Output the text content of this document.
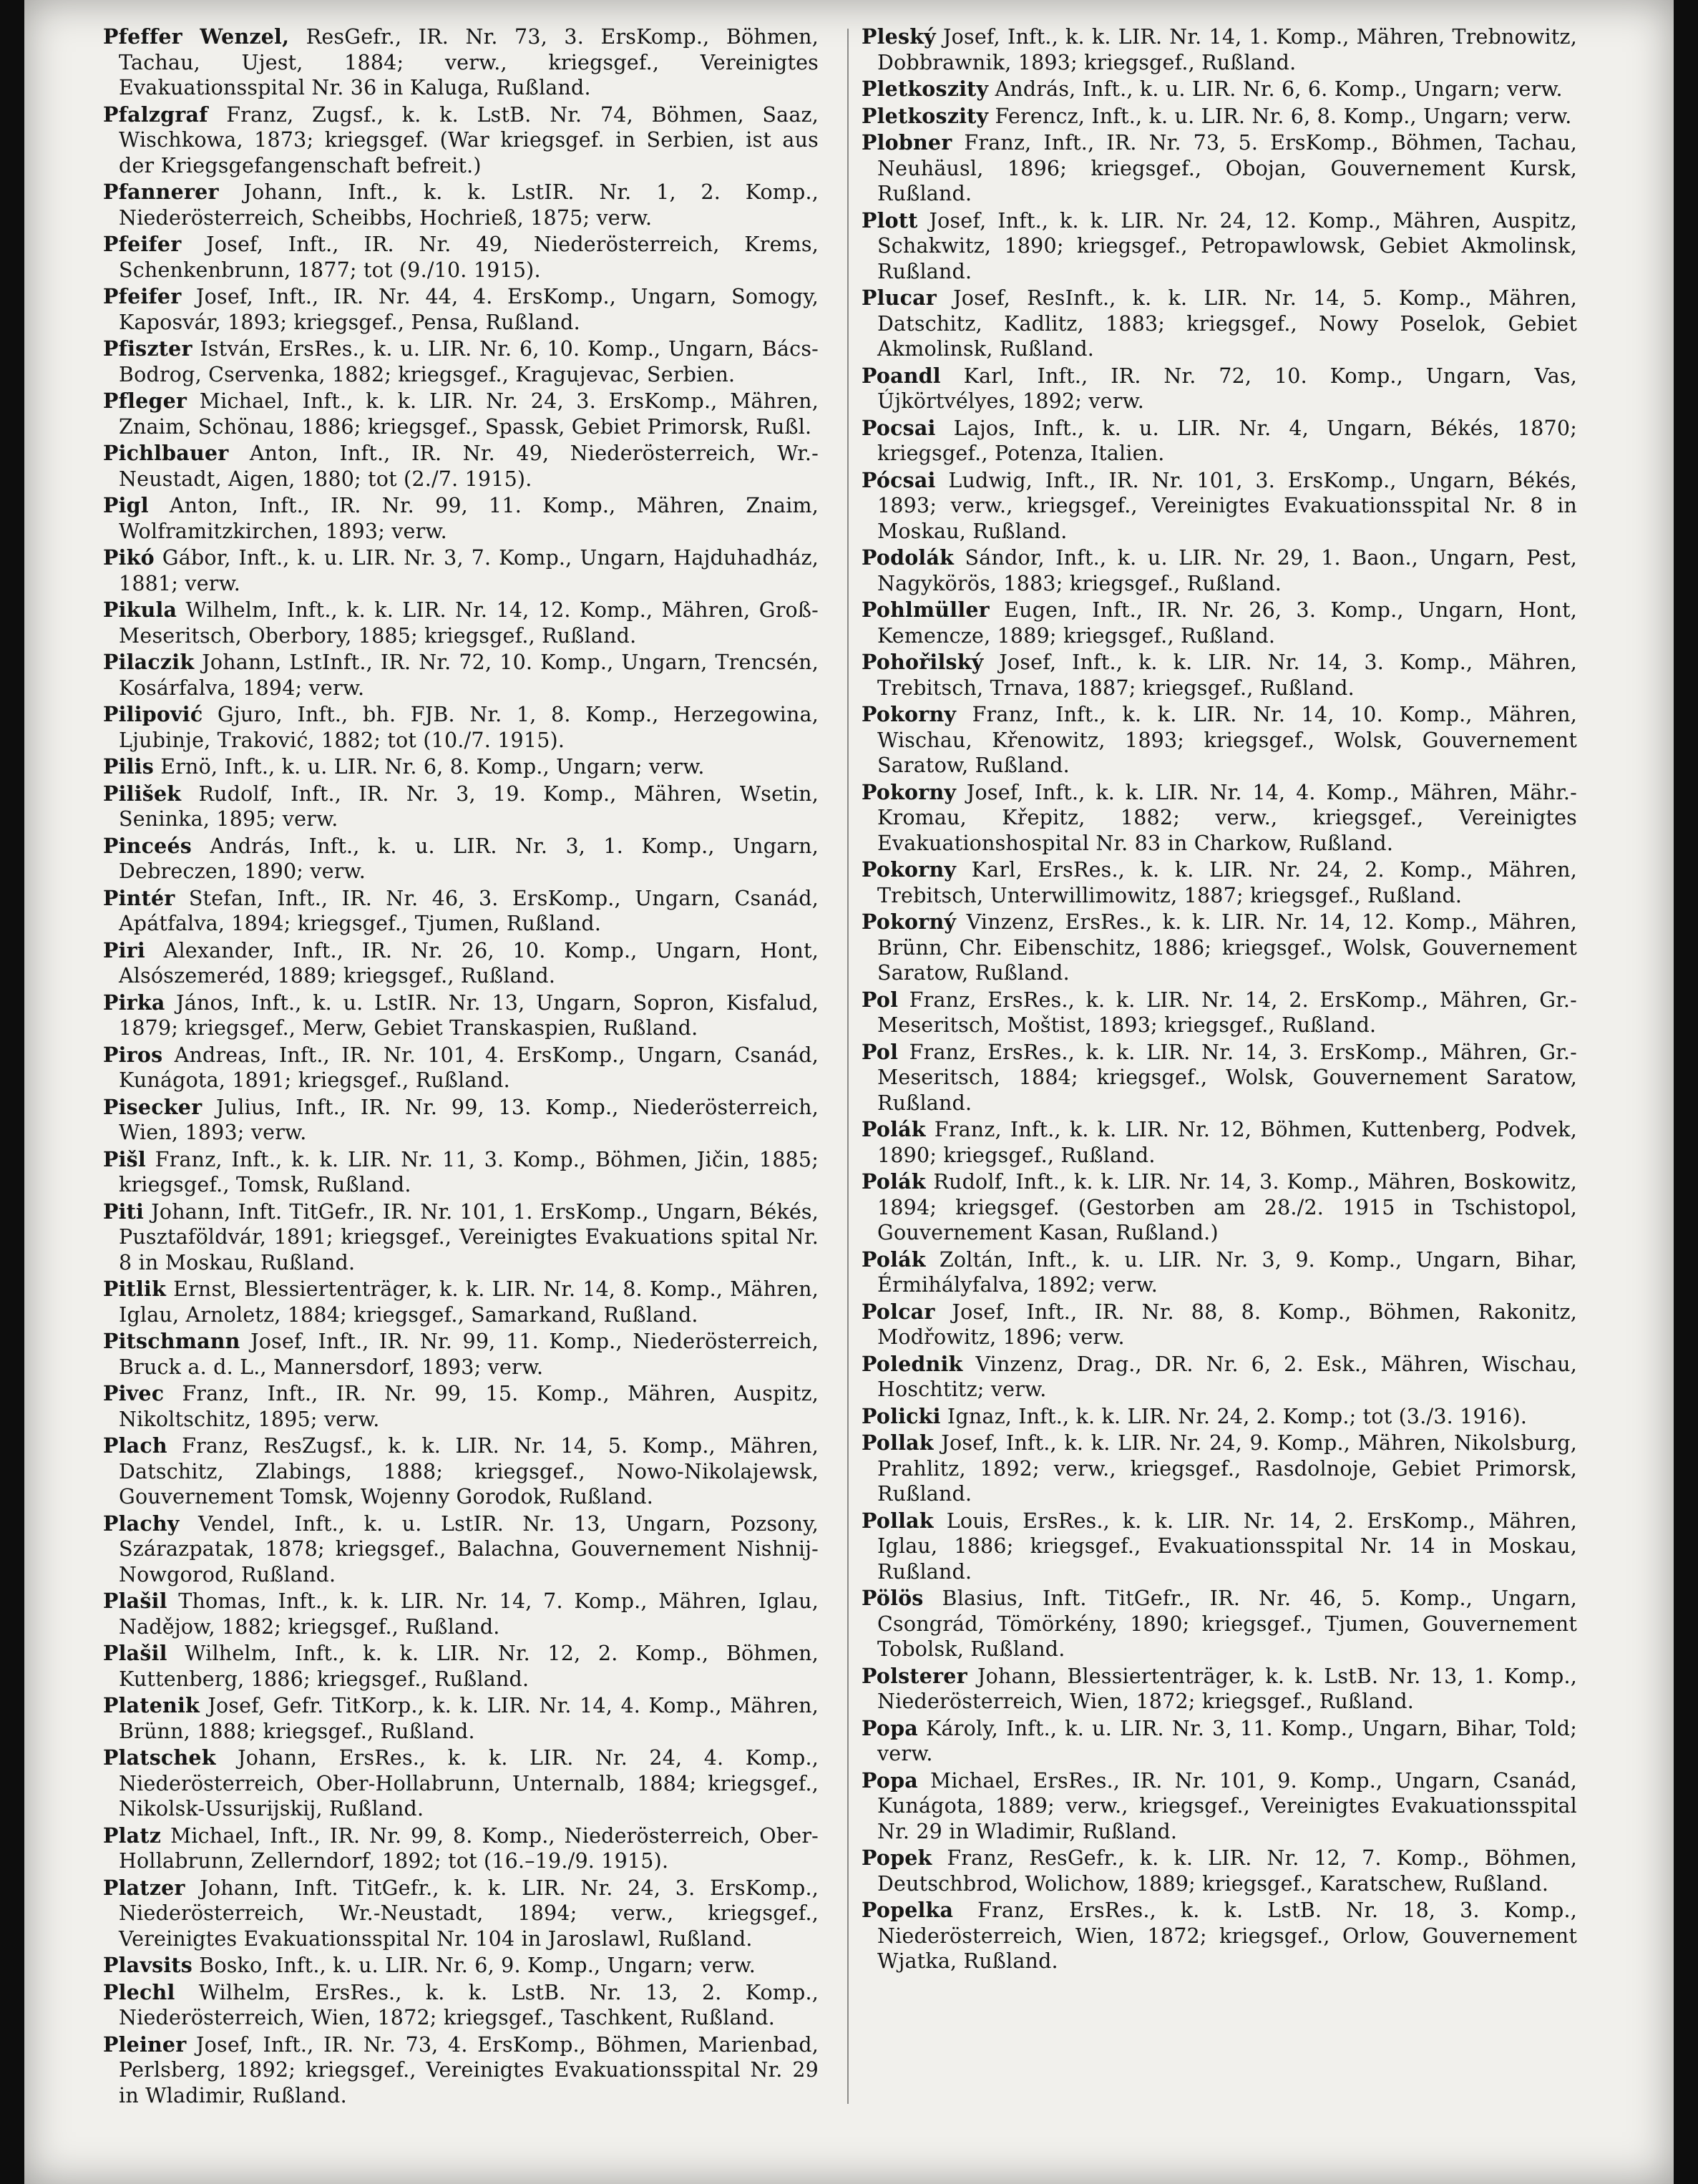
Pfeffer Wenzel, ResGefr., IR. Nr. 73, 3. ErsKomp., Böhmen, Tachau, Ujest, 1884; verw., kriegsgef., Vereinigtes Evakuationsspital Nr. 36 in Kaluga, Rußland.
Pfalzgraf Franz, Zugsf., k. k. LstB. Nr. 74, Böhmen, Saaz, Wischkowa, 1873; kriegsgef. (War kriegsgef. in Serbien, ist aus der Kriegsgefangenschaft befreit.)
Pfannerer Johann, Inft., k. k. LstIR. Nr. 1, 2. Komp., Niederösterreich, Scheibbs, Hochrieß, 1875; verw.
Pfeifer Josef, Inft., IR. Nr. 49, Niederösterreich, Krems, Schenkenbrunn, 1877; tot (9./10. 1915).
Pfeifer Josef, Inft., IR. Nr. 44, 4. ErsKomp., Ungarn, Somogy, Kaposvár, 1893; kriegsgef., Pensa, Rußland.
Pfiszter István, ErsRes., k. u. LIR. Nr. 6, 10. Komp., Ungarn, Bács-Bodrog, Cservenka, 1882; kriegsgef., Kragujevac, Serbien.
Pfleger Michael, Inft., k. k. LIR. Nr. 24, 3. ErsKomp., Mähren, Znaim, Schönau, 1886; kriegsgef., Spassk, Gebiet Primorsk, Rußl.
Pichlbauer Anton, Inft., IR. Nr. 49, Niederösterreich, Wr.-Neustadt, Aigen, 1880; tot (2./7. 1915).
Pigl Anton, Inft., IR. Nr. 99, 11. Komp., Mähren, Znaim, Wolframitzkirchen, 1893; verw.
Pikó Gábor, Inft., k. u. LIR. Nr. 3, 7. Komp., Ungarn, Hajduhadház, 1881; verw.
Pikula Wilhelm, Inft., k. k. LIR. Nr. 14, 12. Komp., Mähren, Groß-Meseritsch, Oberbory, 1885; kriegsgef., Rußland.
Pilaczik Johann, LstInft., IR. Nr. 72, 10. Komp., Ungarn, Trencsén, Kosárfalva, 1894; verw.
Pilipović Gjuro, Inft., bh. FJB. Nr. 1, 8. Komp., Herzegowina, Ljubinje, Traković, 1882; tot (10./7. 1915).
Pilis Ernö, Inft., k. u. LIR. Nr. 6, 8. Komp., Ungarn; verw.
Pilišek Rudolf, Inft., IR. Nr. 3, 19. Komp., Mähren, Wsetin, Seninka, 1895; verw.
Pinceés András, Inft., k. u. LIR. Nr. 3, 1. Komp., Ungarn, Debreczen, 1890; verw.
Pintér Stefan, Inft., IR. Nr. 46, 3. ErsKomp., Ungarn, Csanád, Apátfalva, 1894; kriegsgef., Tjumen, Rußland.
Piri Alexander, Inft., IR. Nr. 26, 10. Komp., Ungarn, Hont, Alsószemeréd, 1889; kriegsgef., Rußland.
Pirka János, Inft., k. u. LstIR. Nr. 13, Ungarn, Sopron, Kisfalud, 1879; kriegsgef., Merw, Gebiet Transkaspien, Rußland.
Piros Andreas, Inft., IR. Nr. 101, 4. ErsKomp., Ungarn, Csanád, Kunágota, 1891; kriegsgef., Rußland.
Pisecker Julius, Inft., IR. Nr. 99, 13. Komp., Niederösterreich, Wien, 1893; verw.
Pišl Franz, Inft., k. k. LIR. Nr. 11, 3. Komp., Böhmen, Jičin, 1885; kriegsgef., Tomsk, Rußland.
Piti Johann, Inft. TitGefr., IR. Nr. 101, 1. ErsKomp., Ungarn, Békés, Pusztaföldvár, 1891; kriegsgef., Vereinigtes Evakuations spital Nr. 8 in Moskau, Rußland.
Pitlik Ernst, Blessiertenträger, k. k. LIR. Nr. 14, 8. Komp., Mähren, Iglau, Arnoletz, 1884; kriegsgef., Samarkand, Rußland.
Pitschmann Josef, Inft., IR. Nr. 99, 11. Komp., Niederösterreich, Bruck a. d. L., Mannersdorf, 1893; verw.
Pivec Franz, Inft., IR. Nr. 99, 15. Komp., Mähren, Auspitz, Nikoltschitz, 1895; verw.
Plach Franz, ResZugsf., k. k. LIR. Nr. 14, 5. Komp., Mähren, Datschitz, Zlabings, 1888; kriegsgef., Nowo-Nikolajewsk, Gouvernement Tomsk, Wojenny Gorodok, Rußland.
Plachy Vendel, Inft., k. u. LstIR. Nr. 13, Ungarn, Pozsony, Szárazpatak, 1878; kriegsgef., Balachna, Gouvernement Nishnij-Nowgorod, Rußland.
Plašil Thomas, Inft., k. k. LIR. Nr. 14, 7. Komp., Mähren, Iglau, Nadějow, 1882; kriegsgef., Rußland.
Plašil Wilhelm, Inft., k. k. LIR. Nr. 12, 2. Komp., Böhmen, Kuttenberg, 1886; kriegsgef., Rußland.
Platenik Josef, Gefr. TitKorp., k. k. LIR. Nr. 14, 4. Komp., Mähren, Brünn, 1888; kriegsgef., Rußland.
Platschek Johann, ErsRes., k. k. LIR. Nr. 24, 4. Komp., Niederösterreich, Ober-Hollabrunn, Unternalb, 1884; kriegsgef., Nikolsk-Ussurijskij, Rußland.
Platz Michael, Inft., IR. Nr. 99, 8. Komp., Niederösterreich, Ober-Hollabrunn, Zellerndorf, 1892; tot (16.–19./9. 1915).
Platzer Johann, Inft. TitGefr., k. k. LIR. Nr. 24, 3. ErsKomp., Niederösterreich, Wr.-Neustadt, 1894; verw., kriegsgef., Vereinigtes Evakuationsspital Nr. 104 in Jaroslawl, Rußland.
Plavsits Bosko, Inft., k. u. LIR. Nr. 6, 9. Komp., Ungarn; verw.
Plechl Wilhelm, ErsRes., k. k. LstB. Nr. 13, 2. Komp., Niederösterreich, Wien, 1872; kriegsgef., Taschkent, Rußland.
Pleiner Josef, Inft., IR. Nr. 73, 4. ErsKomp., Böhmen, Marienbad, Perlsberg, 1892; kriegsgef., Vereinigtes Evakuationsspital Nr. 29 in Wladimir, Rußland.
Pleský Josef, Inft., k. k. LIR. Nr. 14, 1. Komp., Mähren, Trebnowitz, Dobbrawnik, 1893; kriegsgef., Rußland.
Pletkoszity András, Inft., k. u. LIR. Nr. 6, 6. Komp., Ungarn; verw.
Pletkoszity Ferencz, Inft., k. u. LIR. Nr. 6, 8. Komp., Ungarn; verw.
Plobner Franz, Inft., IR. Nr. 73, 5. ErsKomp., Böhmen, Tachau, Neuhäusl, 1896; kriegsgef., Obojan, Gouvernement Kursk, Rußland.
Plott Josef, Inft., k. k. LIR. Nr. 24, 12. Komp., Mähren, Auspitz, Schakwitz, 1890; kriegsgef., Petropawlowsk, Gebiet Akmolinsk, Rußland.
Plucar Josef, ResInft., k. k. LIR. Nr. 14, 5. Komp., Mähren, Datschitz, Kadlitz, 1883; kriegsgef., Nowy Poselok, Gebiet Akmolinsk, Rußland.
Poandl Karl, Inft., IR. Nr. 72, 10. Komp., Ungarn, Vas, Újkörtvélyes, 1892; verw.
Pocsai Lajos, Inft., k. u. LIR. Nr. 4, Ungarn, Békés, 1870; kriegsgef., Potenza, Italien.
Pócsai Ludwig, Inft., IR. Nr. 101, 3. ErsKomp., Ungarn, Békés, 1893; verw., kriegsgef., Vereinigtes Evakuationsspital Nr. 8 in Moskau, Rußland.
Podolák Sándor, Inft., k. u. LIR. Nr. 29, 1. Baon., Ungarn, Pest, Nagykörös, 1883; kriegsgef., Rußland.
Pohlmüller Eugen, Inft., IR. Nr. 26, 3. Komp., Ungarn, Hont, Kemencze, 1889; kriegsgef., Rußland.
Pohořilský Josef, Inft., k. k. LIR. Nr. 14, 3. Komp., Mähren, Trebitsch, Trnava, 1887; kriegsgef., Rußland.
Pokorny Franz, Inft., k. k. LIR. Nr. 14, 10. Komp., Mähren, Wischau, Křenowitz, 1893; kriegsgef., Wolsk, Gouvernement Saratow, Rußland.
Pokorny Josef, Inft., k. k. LIR. Nr. 14, 4. Komp., Mähren, Mähr.-Kromau, Křepitz, 1882; verw., kriegsgef., Vereinigtes Evakuationshospital Nr. 83 in Charkow, Rußland.
Pokorny Karl, ErsRes., k. k. LIR. Nr. 24, 2. Komp., Mähren, Trebitsch, Unterwillimowitz, 1887; kriegsgef., Rußland.
Pokorný Vinzenz, ErsRes., k. k. LIR. Nr. 14, 12. Komp., Mähren, Brünn, Chr. Eibenschitz, 1886; kriegsgef., Wolsk, Gouvernement Saratow, Rußland.
Pol Franz, ErsRes., k. k. LIR. Nr. 14, 2. ErsKomp., Mähren, Gr.-Meseritsch, Moštist, 1893; kriegsgef., Rußland.
Pol Franz, ErsRes., k. k. LIR. Nr. 14, 3. ErsKomp., Mähren, Gr.-Meseritsch, 1884; kriegsgef., Wolsk, Gouvernement Saratow, Rußland.
Polák Franz, Inft., k. k. LIR. Nr. 12, Böhmen, Kuttenberg, Podvek, 1890; kriegsgef., Rußland.
Polák Rudolf, Inft., k. k. LIR. Nr. 14, 3. Komp., Mähren, Boskowitz, 1894; kriegsgef. (Gestorben am 28./2. 1915 in Tschistopol, Gouvernement Kasan, Rußland.)
Polák Zoltán, Inft., k. u. LIR. Nr. 3, 9. Komp., Ungarn, Bihar, Érmihályfalva, 1892; verw.
Polcar Josef, Inft., IR. Nr. 88, 8. Komp., Böhmen, Rakonitz, Modřowitz, 1896; verw.
Polednik Vinzenz, Drag., DR. Nr. 6, 2. Esk., Mähren, Wischau, Hoschtitz; verw.
Policki Ignaz, Inft., k. k. LIR. Nr. 24, 2. Komp.; tot (3./3. 1916).
Pollak Josef, Inft., k. k. LIR. Nr. 24, 9. Komp., Mähren, Nikolsburg, Prahlitz, 1892; verw., kriegsgef., Rasdolnoje, Gebiet Primorsk, Rußland.
Pollak Louis, ErsRes., k. k. LIR. Nr. 14, 2. ErsKomp., Mähren, Iglau, 1886; kriegsgef., Evakuationsspital Nr. 14 in Moskau, Rußland.
Pölös Blasius, Inft. TitGefr., IR. Nr. 46, 5. Komp., Ungarn, Csongrád, Tömörkény, 1890; kriegsgef., Tjumen, Gouvernement Tobolsk, Rußland.
Polsterer Johann, Blessiertenträger, k. k. LstB. Nr. 13, 1. Komp., Niederösterreich, Wien, 1872; kriegsgef., Rußland.
Popa Károly, Inft., k. u. LIR. Nr. 3, 11. Komp., Ungarn, Bihar, Told; verw.
Popa Michael, ErsRes., IR. Nr. 101, 9. Komp., Ungarn, Csanád, Kunágota, 1889; verw., kriegsgef., Vereinigtes Evakuationsspital Nr. 29 in Wladimir, Rußland.
Popek Franz, ResGefr., k. k. LIR. Nr. 12, 7. Komp., Böhmen, Deutschbrod, Wolichow, 1889; kriegsgef., Karatschew, Rußland.
Popelka Franz, ErsRes., k. k. LstB. Nr. 18, 3. Komp., Niederösterreich, Wien, 1872; kriegsgef., Orlow, Gouvernement Wjatka, Rußland.
